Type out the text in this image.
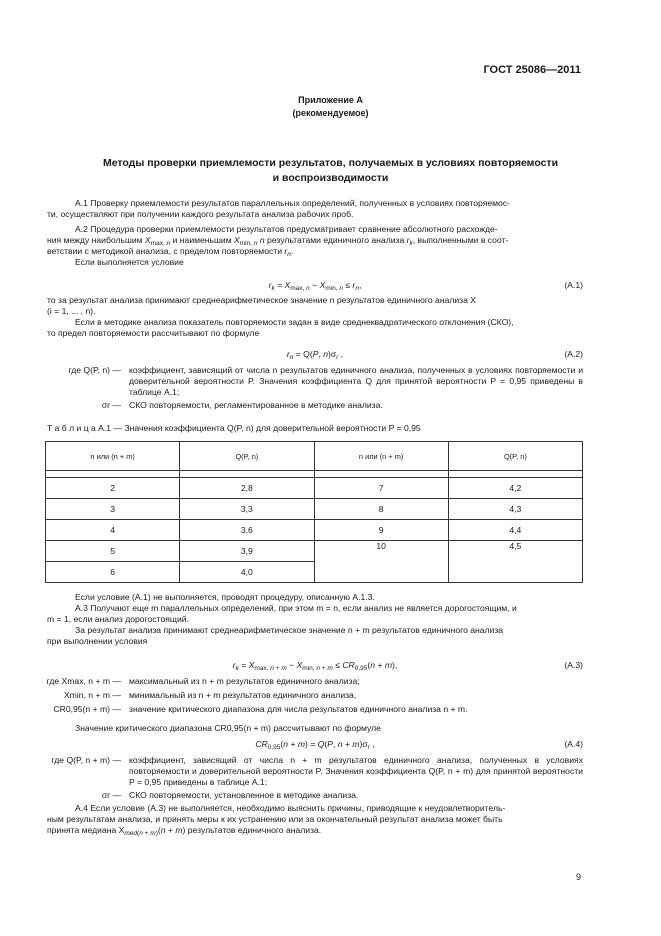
ГОСТ 25086—2011
Приложение А
(рекомендуемое)
Методы проверки приемлемости результатов, получаемых в условиях повторяемости
и воспроизводимости
А.1 Проверку приемлемости результатов параллельных определений, полученных в условиях повторяемос-
ти, осуществляют при получении каждого результата анализа рабочих проб.
А.2 Процедура проверки приемлемости результатов предусматривает сравнение абсолютного расхожде-
ния между наибольшим $X_{max, n}$ и наименьшим $X_{min, n}$ n результатами единичного анализа $r_k$, выполненными в соот-
ветствии с методикой анализа, с пределом повторяемости $r_n$.
Если выполняется условие
$r_k = X_{max, n} - X_{min, n} \le r_n$,	(А.1)
то за результат анализа принимают среднеарифметическое значение n результатов единичного анализа X
(i = 1, ... , n).
Если в методике анализа показатель повторяемости задан в виде среднеквадратического отклонения (СКО),
то предел повторяемости рассчитывают по формуле
$r_n = Q(P$, $n)\sigma_r$ ,	(А.2)
где Q(P, n) — коэффициент, зависящий от числа n результатов единичного анализа, полученных в условиях повторяемости и доверительной вероятности P. Значения коэффициента Q для принятой вероятности P = 0,95 приведены в таблице А.1;
σr — СКО повторяемости, регламентированное в методике анализа.
Т а б л и ц а А.1 — Значения коэффициента Q(P, n) для доверительной вероятности P = 0,95
n или (n + m)	Q(P, n)	n или (n + m)	Q(P, n)

2	2,8	7	4,2
3	3,3	8	4,3
4	3,6	9	4,4
5	3,9	10	4,5
6	4,0		
Если условие (А.1) не выполняется, проводят процедуру, описанную А.1.3.
А.3 Получают еще m параллельных определений, при этом m = n, если анализ не является дорогостоящим, и
m = 1, если анализ дорогостоящий.
За результат анализа принимают среднеарифметическое значение n + m результатов единичного анализа
при выполнении условия
$r_k = X_{max, n + m} - X_{min, n + m} \le CR_{0,95}(n + m)$,	(А.3)
где Xmax, n + m — максимальный из n + m результатов единичного анализа;
Xmin, n + m — минимальный из n + m результатов единичного анализа,
CR0,95(n + m) — значение критического диапазона для числа результатов единичного анализа n + m.
Значение критического диапазона CR0,95(n + m) рассчитывают по формуле
$CR_{0,95}(n + m) = Q(P$, $n + m)\sigma_r$ ,	(А.4)
где Q(P, n + m) — коэффициент, зависящий от числа n + m результатов единичного анализа, полученных в условиях повторяемости и доверительной вероятности P. Значения коэффициента Q(P, n + m) для принятой вероятности P = 0,95 приведены в таблице А.1;
σr — СКО повторяемости, установленное в методике анализа.
А.4 Если условие (А.3) не выполняется, необходимо выяснить причины, приводящие к неудовлетворитель-
ным результатам анализа, и принять меры к их устранению или за окончательный результат анализа может быть
принята медиана $X_{med(n + m)}(n + m)$ результатов единичного анализа.
9
